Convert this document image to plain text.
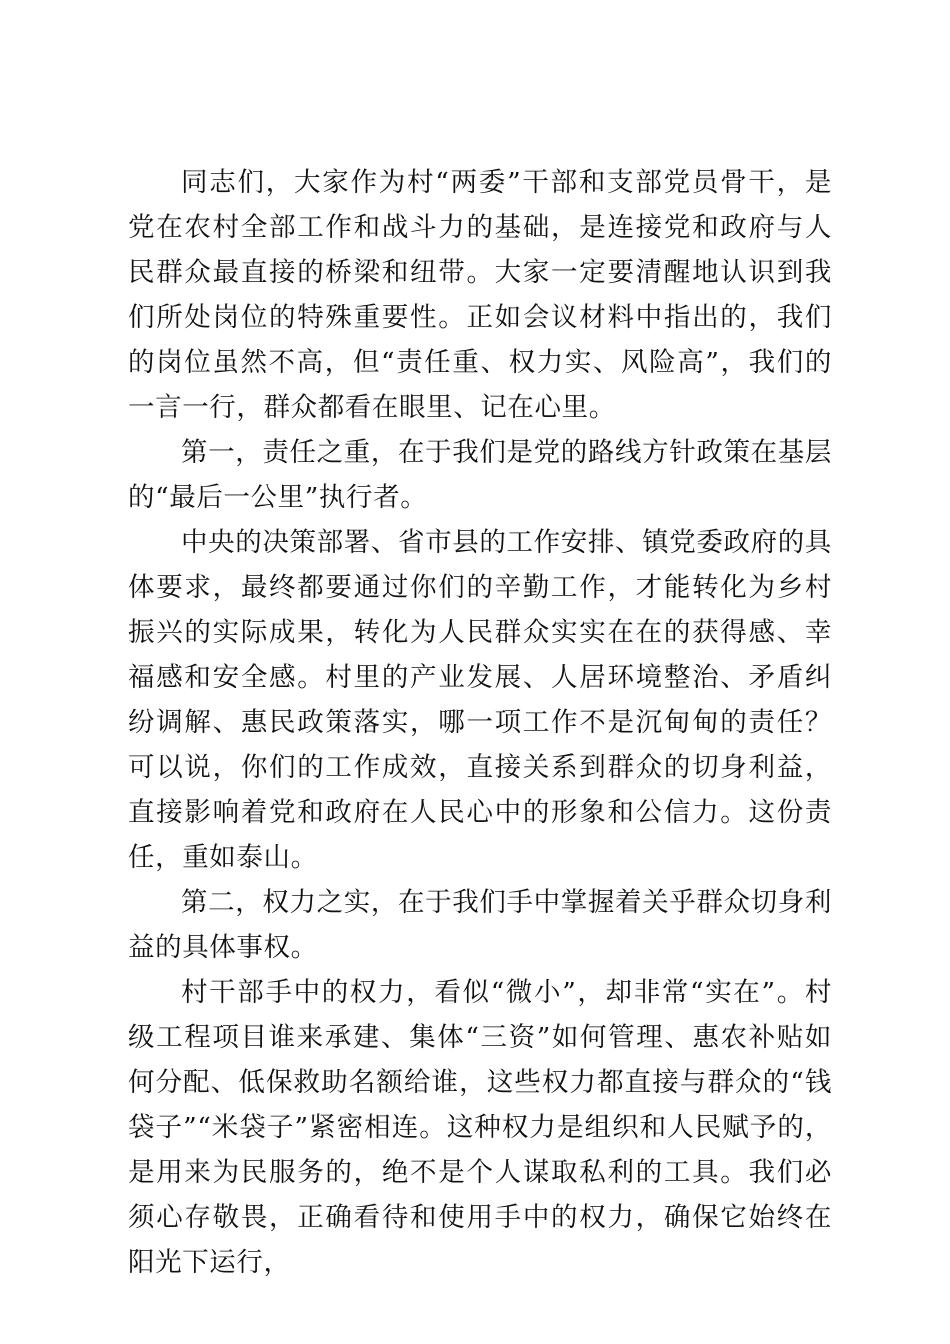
同志们，大家作为村“两委”干部和支部党员骨干，是党在农村全部工作和战斗力的基础，是连接党和政府与人民群众最直接的桥梁和纽带。大家一定要清醒地认识到我们所处岗位的特殊重要性。正如会议材料中指出的，我们的岗位虽然不高，但“责任重、权力实、风险高”，我们的一言一行，群众都看在眼里、记在心里。

第一，责任之重，在于我们是党的路线方针政策在基层的“最后一公里”执行者。

中央的决策部署、省市县的工作安排、镇党委政府的具体要求，最终都要通过你们的辛勤工作，才能转化为乡村振兴的实际成果，转化为人民群众实实在在的获得感、幸福感和安全感。村里的产业发展、人居环境整治、矛盾纠纷调解、惠民政策落实，哪一项工作不是沉甸甸的责任？可以说，你们的工作成效，直接关系到群众的切身利益，直接影响着党和政府在人民心中的形象和公信力。这份责任，重如泰山。

第二，权力之实，在于我们手中掌握着关乎群众切身利益的具体事权。

村干部手中的权力，看似“微小”，却非常“实在”。村级工程项目谁来承建、集体“三资”如何管理、惠农补贴如何分配、低保救助名额给谁，这些权力都直接与群众的“钱袋子”“米袋子”紧密相连。这种权力是组织和人民赋予的，是用来为民服务的，绝不是个人谋取私利的工具。我们必须心存敬畏，正确看待和使用手中的权力，确保它始终在阳光下运行，
